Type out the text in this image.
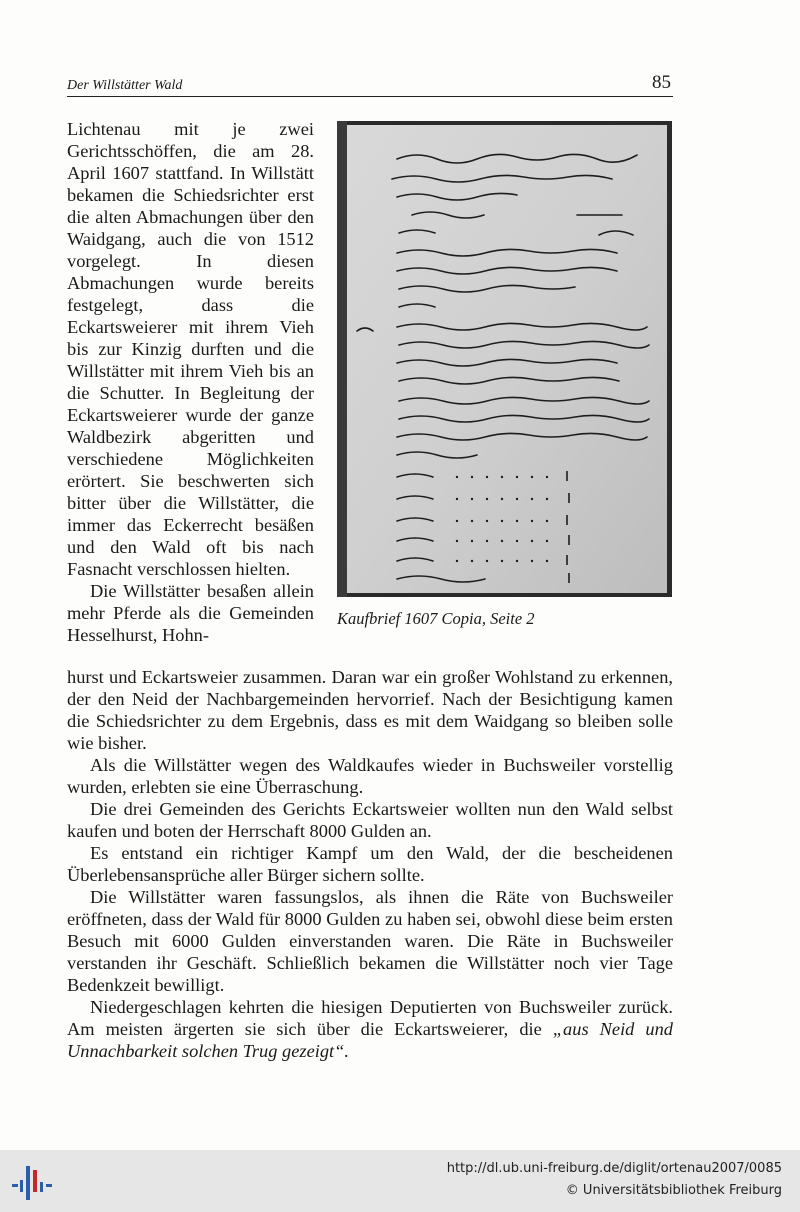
Der Willstätter Wald	85

Lichtenau mit je zwei Gerichtsschöffen, die am 28. April 1607 stattfand. In Willstätt bekamen die Schiedsrichter erst die alten Abmachungen über den Waidgang, auch die von 1512 vorgelegt. In diesen Abmachungen wurde bereits festgelegt, dass die Eckartsweierer mit ihrem Vieh bis zur Kinzig durften und die Willstätter mit ihrem Vieh bis an die Schutter. In Begleitung der Eckartsweierer wurde der ganze Waldbezirk abgeritten und verschiedene Möglichkeiten erörtert. Sie beschwerten sich bitter über die Willstätter, die immer das Eckerrecht besäßen und den Wald oft bis nach Fasnacht verschlossen hielten.

Die Willstätter besaßen allein mehr Pferde als die Gemeinden Hesselhurst, Hohn-

Kaufbrief 1607 Copia, Seite 2

hurst und Eckartsweier zusammen. Daran war ein großer Wohlstand zu erkennen, der den Neid der Nachbargemeinden hervorrief. Nach der Besichtigung kamen die Schiedsrichter zu dem Ergebnis, dass es mit dem Waidgang so bleiben solle wie bisher.

Als die Willstätter wegen des Waldkaufes wieder in Buchsweiler vorstellig wurden, erlebten sie eine Überraschung.

Die drei Gemeinden des Gerichts Eckartsweier wollten nun den Wald selbst kaufen und boten der Herrschaft 8000 Gulden an.

Es entstand ein richtiger Kampf um den Wald, der die bescheidenen Überlebensansprüche aller Bürger sichern sollte.

Die Willstätter waren fassungslos, als ihnen die Räte von Buchsweiler eröffneten, dass der Wald für 8000 Gulden zu haben sei, obwohl diese beim ersten Besuch mit 6000 Gulden einverstanden waren. Die Räte in Buchsweiler verstanden ihr Geschäft. Schließlich bekamen die Willstätter noch vier Tage Bedenkzeit bewilligt.

Niedergeschlagen kehrten die hiesigen Deputierten von Buchsweiler zurück. Am meisten ärgerten sie sich über die Eckartsweierer, die „aus Neid und Unnachbarkeit solchen Trug gezeigt“.

http://dl.ub.uni-freiburg.de/diglit/ortenau2007/0085
© Universitätsbibliothek Freiburg
